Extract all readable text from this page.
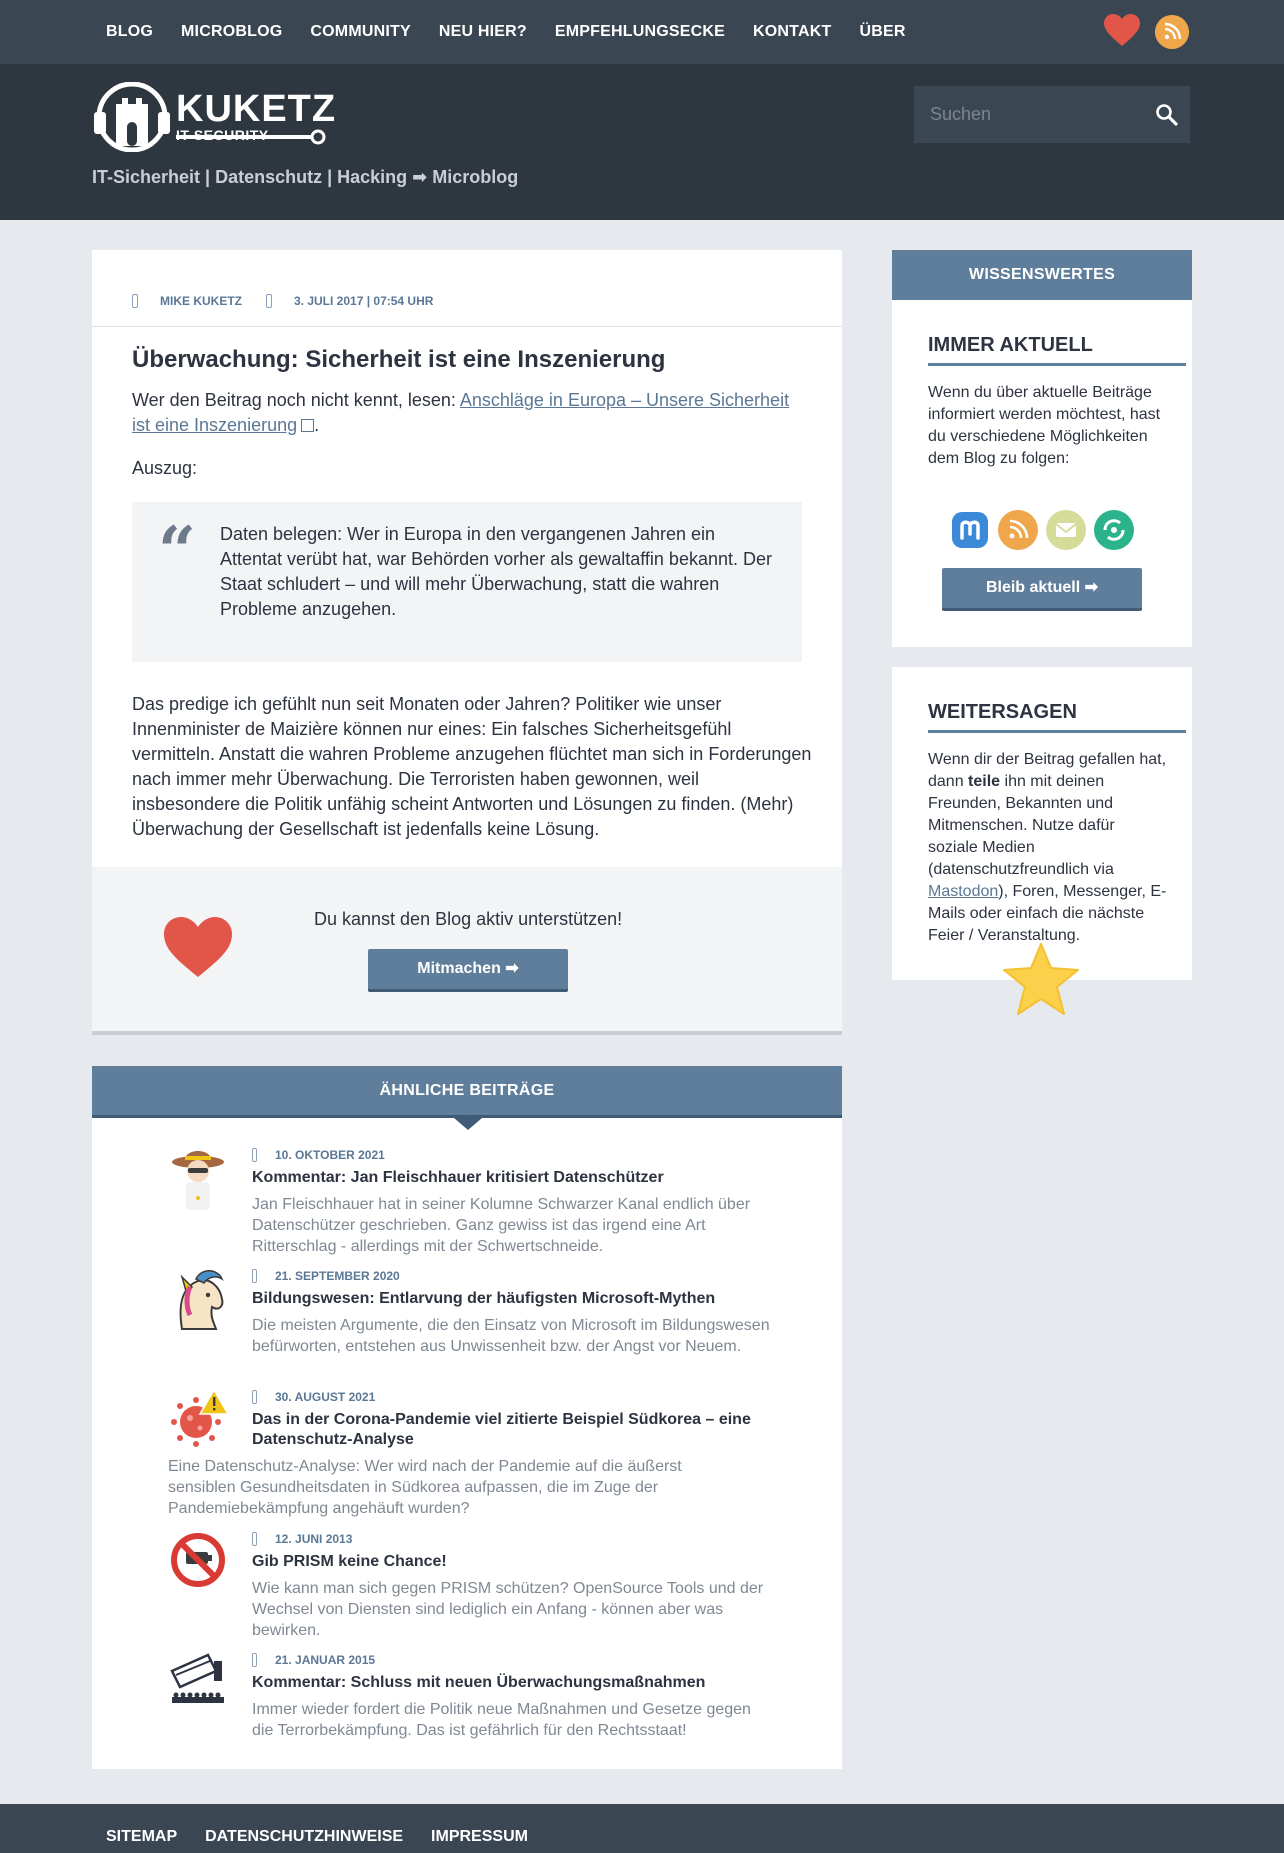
BLOG MICROBLOG COMMUNITY NEU HIER? EMPFEHLUNGSECKE KONTAKT ÜBER
KUKETZ
IT-SECURITY
IT-Sicherheit | Datenschutz | Hacking ➡ Microblog
Suchen
MIKE KUKETZ	3. JULI 2017 | 07:54 UHR
Überwachung: Sicherheit ist eine Inszenierung

Wer den Beitrag noch nicht kennt, lesen: Anschläge in Europa – Unsere Sicherheit ist eine Inszenierung .

Auszug:

“ Daten belegen: Wer in Europa in den vergangenen Jahren ein Attentat verübt hat, war Behörden vorher als gewaltaffin bekannt. Der Staat schludert – und will mehr Überwachung, statt die wahren Probleme anzugehen.

Das predige ich gefühlt nun seit Monaten oder Jahren? Politiker wie unser Innenminister de Maizière können nur eines: Ein falsches Sicherheitsgefühl vermitteln. Anstatt die wahren Probleme anzugehen flüchtet man sich in Forderungen nach immer mehr Überwachung. Die Terroristen haben gewonnen, weil insbesondere die Politik unfähig scheint Antworten und Lösungen zu finden. (Mehr) Überwachung der Gesellschaft ist jedenfalls keine Lösung.

Du kannst den Blog aktiv unterstützen!
Mitmachen ➡
ÄHNLICHE BEITRÄGE
10. OKTOBER 2021
Kommentar: Jan Fleischhauer kritisiert Datenschützer
Jan Fleischhauer hat in seiner Kolumne Schwarzer Kanal endlich über Datenschützer geschrieben. Ganz gewiss ist das irgend eine Art Ritterschlag - allerdings mit der Schwertschneide.
21. SEPTEMBER 2020
Bildungswesen: Entlarvung der häufigsten Microsoft-Mythen
Die meisten Argumente, die den Einsatz von Microsoft im Bildungswesen befürworten, entstehen aus Unwissenheit bzw. der Angst vor Neuem.
30. AUGUST 2021
Das in der Corona-Pandemie viel zitierte Beispiel Südkorea – eine Datenschutz-Analyse
Eine Datenschutz-Analyse: Wer wird nach der Pandemie auf die äußerst sensiblen Gesundheitsdaten in Südkorea aufpassen, die im Zuge der Pandemiebekämpfung angehäuft wurden?
12. JUNI 2013
Gib PRISM keine Chance!
Wie kann man sich gegen PRISM schützen? OpenSource Tools und der Wechsel von Diensten sind lediglich ein Anfang - können aber was bewirken.
21. JANUAR 2015
Kommentar: Schluss mit neuen Überwachungsmaßnahmen
Immer wieder fordert die Politik neue Maßnahmen und Gesetze gegen die Terrorbekämpfung. Das ist gefährlich für den Rechtsstaat!
WISSENSWERTES
IMMER AKTUELL

Wenn du über aktuelle Beiträge informiert werden möchtest, hast du verschiedene Möglichkeiten dem Blog zu folgen:

Bleib aktuell ➡
WEITERSAGEN

Wenn dir der Beitrag gefallen hat, dann teile ihn mit deinen Freunden, Bekannten und Mitmenschen. Nutze dafür soziale Medien (datenschutzfreundlich via Mastodon), Foren, Messenger, E-Mails oder einfach die nächste Feier / Veranstaltung.

SITEMAP DATENSCHUTZHINWEISE IMPRESSUM
